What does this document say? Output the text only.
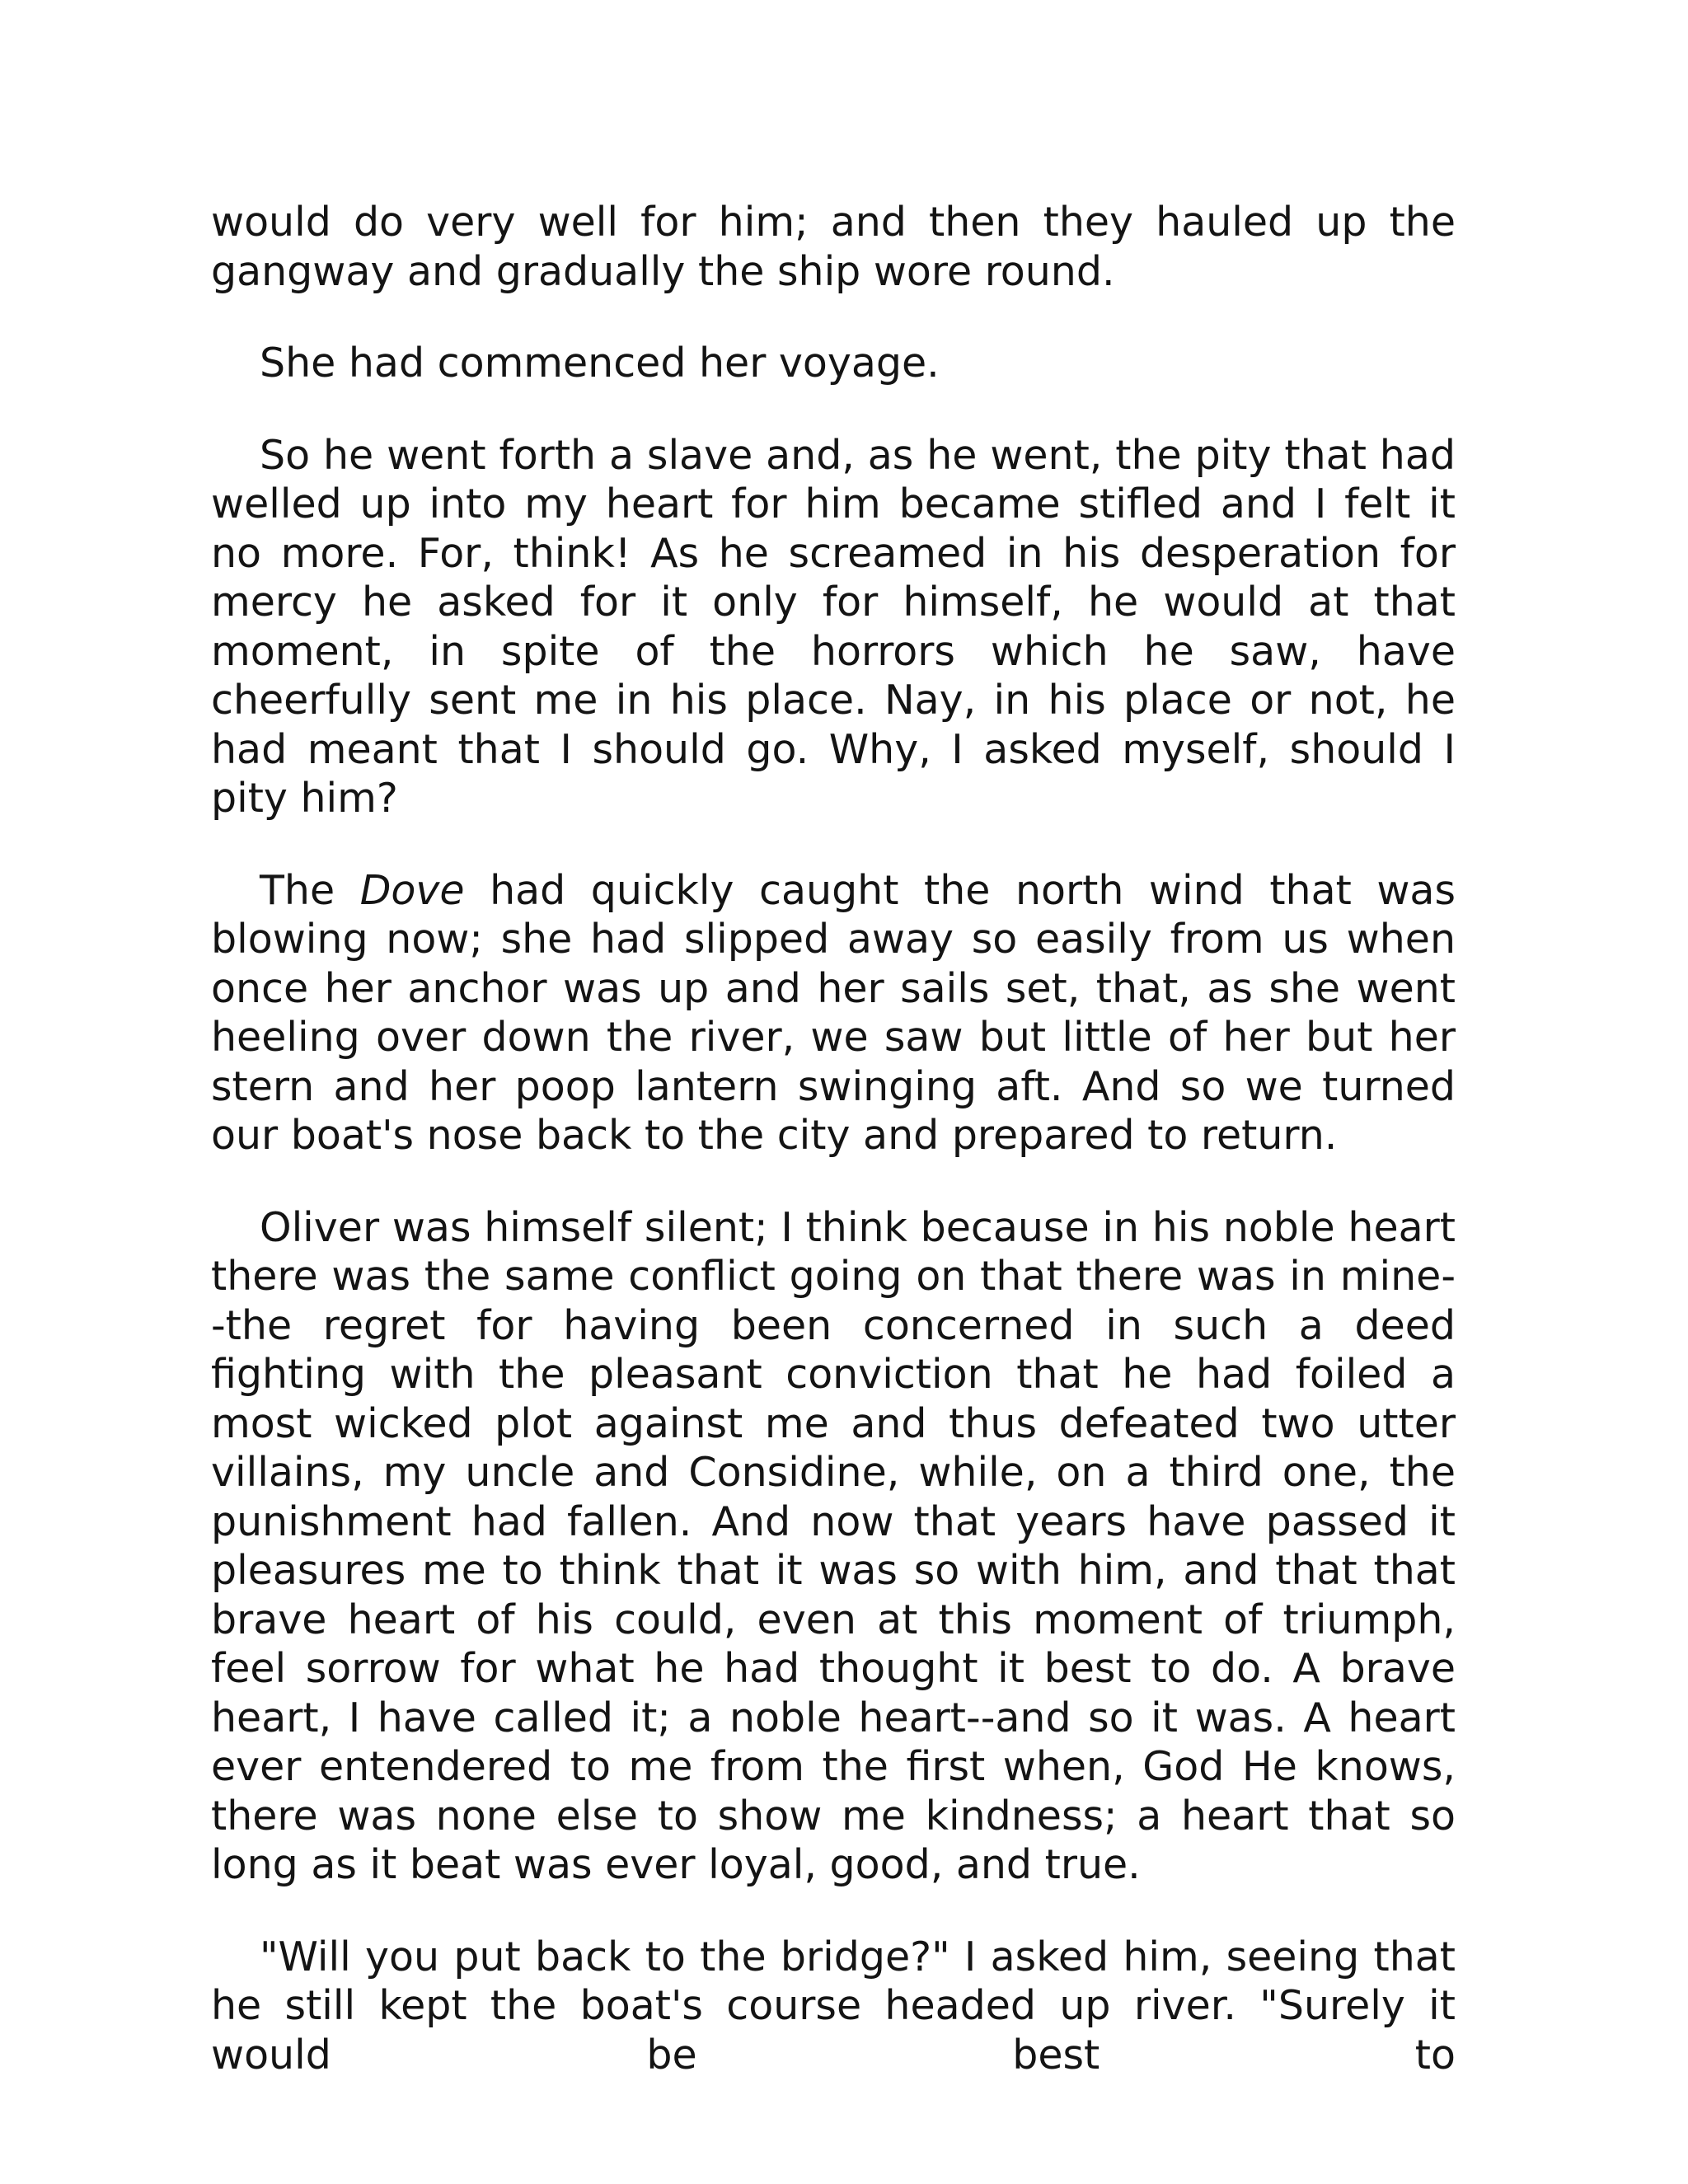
would do very well for him; and then they hauled up the gangway and gradually the ship wore round.

She had commenced her voyage.

So he went forth a slave and, as he went, the pity that had welled up into my heart for him became stifled and I felt it no more. For, think! As he screamed in his desperation for mercy he asked for it only for himself, he would at that moment, in spite of the horrors which he saw, have cheerfully sent me in his place. Nay, in his place or not, he had meant that I should go. Why, I asked myself, should I pity him?

The Dove had quickly caught the north wind that was blowing now; she had slipped away so easily from us when once her anchor was up and her sails set, that, as she went heeling over down the river, we saw but little of her but her stern and her poop lantern swinging aft. And so we turned our boat's nose back to the city and prepared to return.

Oliver was himself silent; I think because in his noble heart there was the same conflict going on that there was in mine--the regret for having been concerned in such a deed fighting with the pleasant conviction that he had foiled a most wicked plot against me and thus defeated two utter villains, my uncle and Considine, while, on a third one, the punishment had fallen. And now that years have passed it pleasures me to think that it was so with him, and that that brave heart of his could, even at this moment of triumph, feel sorrow for what he had thought it best to do. A brave heart, I have called it; a noble heart--and so it was. A heart ever entendered to me from the first when, God He knows, there was none else to show me kindness; a heart that so long as it beat was ever loyal, good, and true.

"Will you put back to the bridge?" I asked him, seeing that he still kept the boat's course headed up river. "Surely it would be best to
